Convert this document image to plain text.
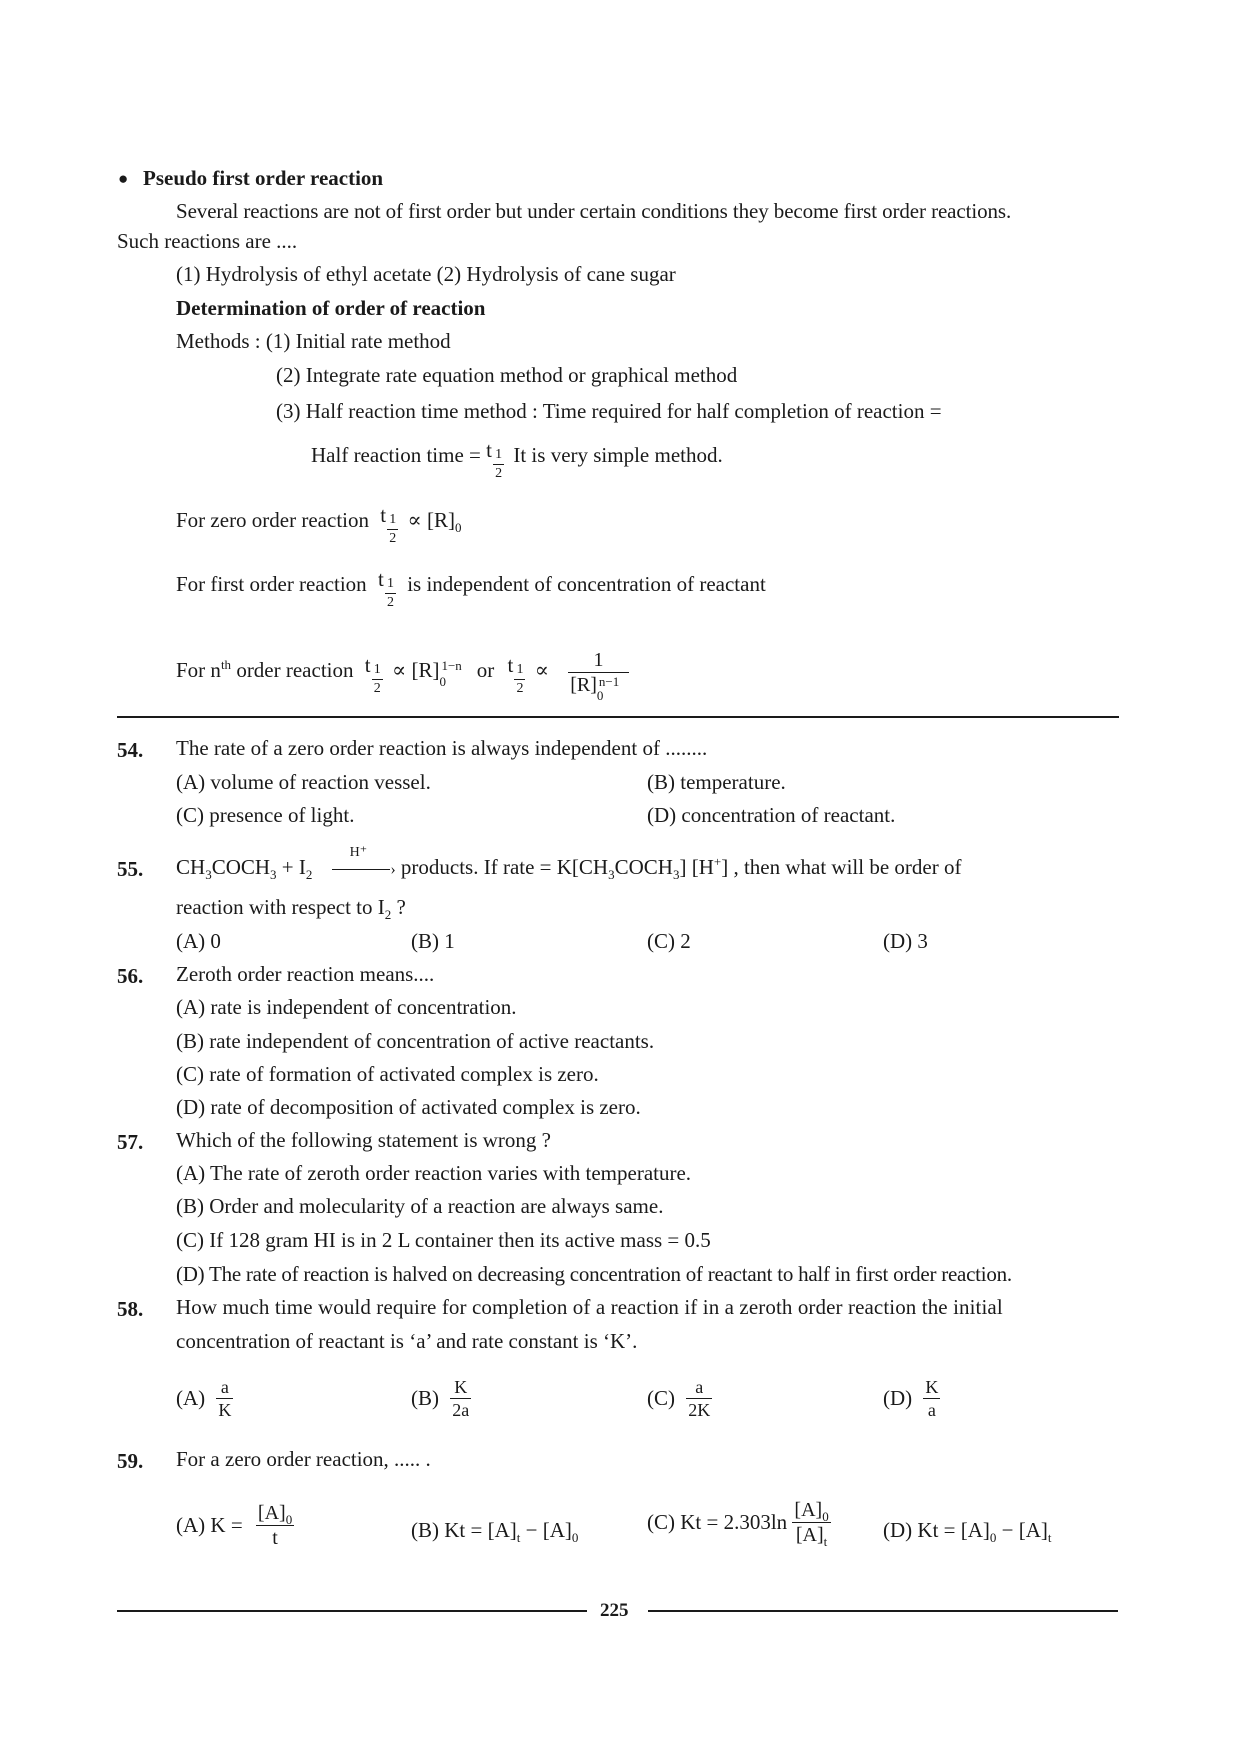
● Pseudo first order reaction
Several reactions are not of first order but under certain conditions they become first order reactions.
Such reactions are ....
(1) Hydrolysis of ethyl acetate (2) Hydrolysis of cane sugar
Determination of order of reaction
Methods : (1) Initial rate method
(2) Integrate rate equation method or graphical method
(3) Half reaction time method : Time required for half completion of reaction =
Half reaction time = t $\frac{1}{2}$ It is very simple method.
For zero order reaction t $\frac{1}{2} \propto [R]_0$
For first order reaction t $\frac{1}{2}$ is independent of concentration of reactant
For $n^{th}$ order reaction t $\frac{1}{2} \propto [R]$ 1−n
0 or t $\frac{1}{2} \propto 1$
[R] n−1
0
54. The rate of a zero order reaction is always independent of ........
(A) volume of reaction vessel.	(B) temperature.
(C) presence of light.	(D) concentration of reactant.
55. $CH_3COCH_3 + I_2$
H⁺
› products. If rate = $K[CH_3COCH_3]$ [H+] , then what will be order of
reaction with respect to $I_2$ ?
(A) 0	(B) 1	(C) 2	(D) 3
56. Zeroth order reaction means....
(A) rate is independent of concentration.
(B) rate independent of concentration of active reactants.
(C) rate of formation of activated complex is zero.
(D) rate of decomposition of activated complex is zero.
57. Which of the following statement is wrong ?
(A) The rate of zeroth order reaction varies with temperature.
(B) Order and molecularity of a reaction are always same.
(C) If 128 gram HI is in 2 L container then its active mass = 0.5
(D) The rate of reaction is halved on decreasing concentration of reactant to half in first order reaction.
58. How much time would require for completion of a reaction if in a zeroth order reaction the initial
concentration of reactant is ‘a’ and rate constant is ‘K’.
$(A) \frac{a}{K}$	$(B) \frac{K}{2a}$	$(C) \frac{a}{2K}$	$(D) \frac{K}{a}$
59. For a zero order reaction, ..... .
(A) $K = \frac{[A]_0}{t}$	(B) $Kt = [A]_t - [A]_0$
(C) $Kt = 2.303\ln \frac{[A]_0}{[A]_t} (D) Kt = [A]_0 - [A]_t$
225
